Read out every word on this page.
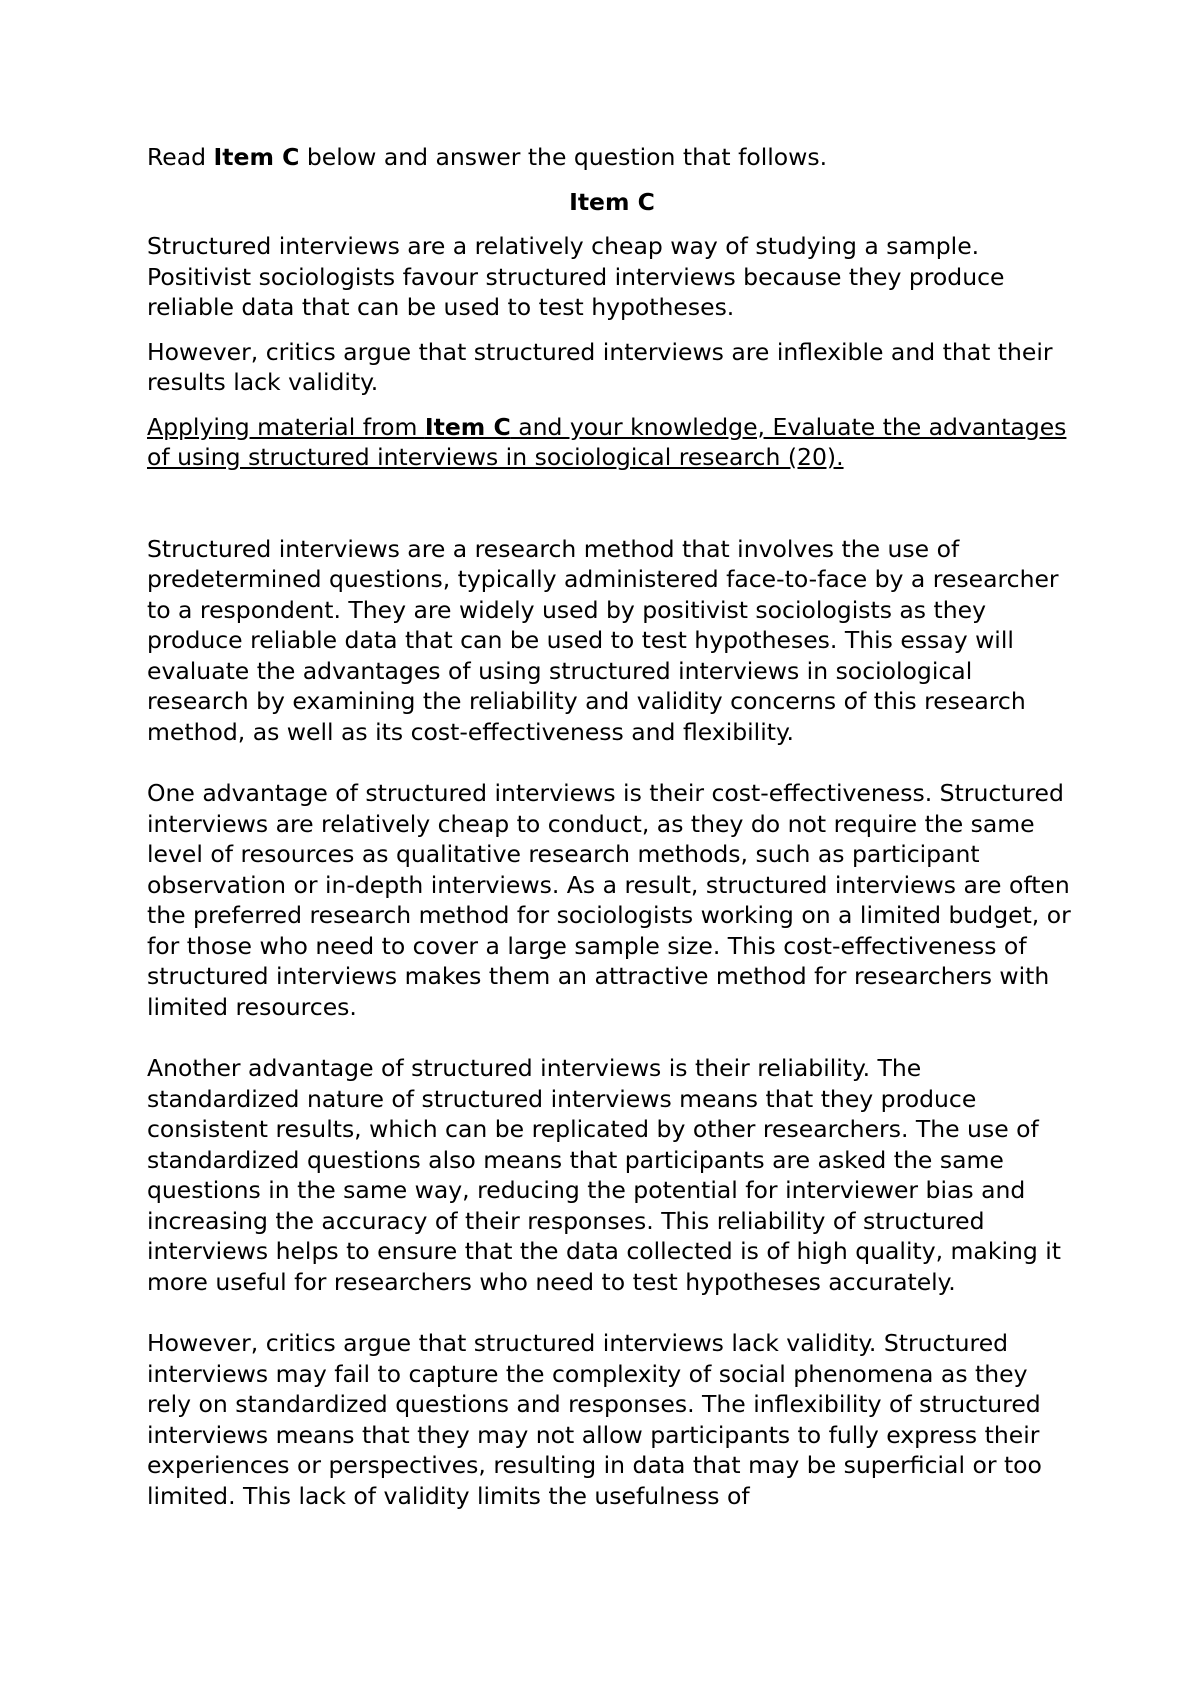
Read Item C below and answer the question that follows.

Item C

Structured interviews are a relatively cheap way of studying a sample. Positivist sociologists favour structured interviews because they produce reliable data that can be used to test hypotheses.

However, critics argue that structured interviews are inflexible and that their results lack validity.

Applying material from Item C and your knowledge, Evaluate the advantages of using structured interviews in sociological research (20).

Structured interviews are a research method that involves the use of predetermined questions, typically administered face-to-face by a researcher to a respondent. They are widely used by positivist sociologists as they produce reliable data that can be used to test hypotheses. This essay will evaluate the advantages of using structured interviews in sociological research by examining the reliability and validity concerns of this research method, as well as its cost-effectiveness and flexibility.

One advantage of structured interviews is their cost-effectiveness. Structured interviews are relatively cheap to conduct, as they do not require the same level of resources as qualitative research methods, such as participant observation or in-depth interviews. As a result, structured interviews are often the preferred research method for sociologists working on a limited budget, or for those who need to cover a large sample size. This cost-effectiveness of structured interviews makes them an attractive method for researchers with limited resources.

Another advantage of structured interviews is their reliability. The standardized nature of structured interviews means that they produce consistent results, which can be replicated by other researchers. The use of standardized questions also means that participants are asked the same questions in the same way, reducing the potential for interviewer bias and increasing the accuracy of their responses. This reliability of structured interviews helps to ensure that the data collected is of high quality, making it more useful for researchers who need to test hypotheses accurately.

However, critics argue that structured interviews lack validity. Structured interviews may fail to capture the complexity of social phenomena as they rely on standardized questions and responses. The inflexibility of structured interviews means that they may not allow participants to fully express their experiences or perspectives, resulting in data that may be superficial or too limited. This lack of validity limits the usefulness of
